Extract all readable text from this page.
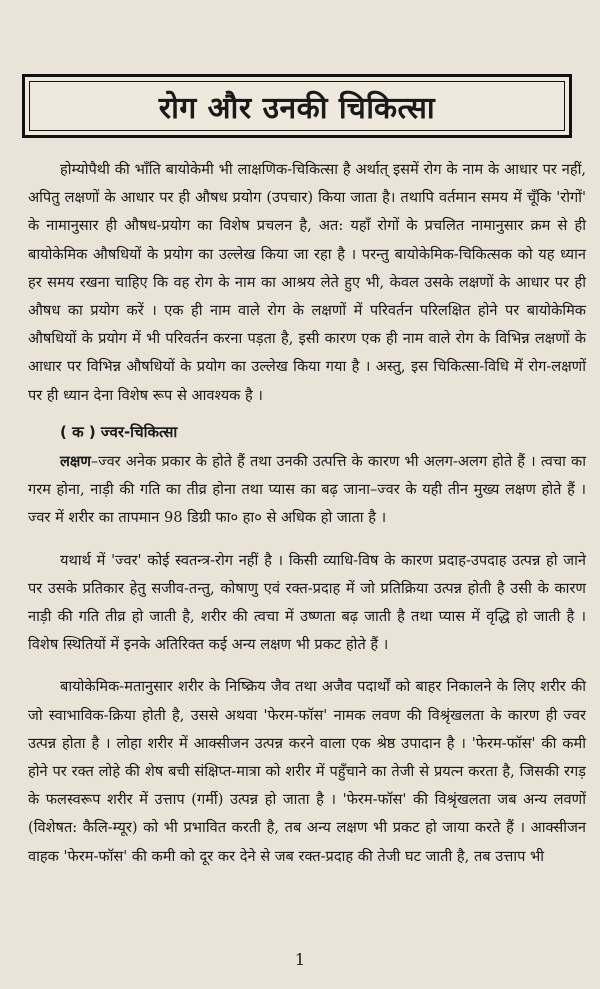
रोग और उनकी चिकित्सा

होम्योपैथी की भाँति बायोकेमी भी लाक्षणिक-चिकित्सा है अर्थात् इसमें रोग के नाम के आधार पर नहीं, अपितु लक्षणों के आधार पर ही औषध प्रयोग (उपचार) किया जाता है। तथापि वर्तमान समय में चूँकि 'रोगों' के नामानुसार ही औषध-प्रयोग का विशेष प्रचलन है, अत: यहाँ रोगों के प्रचलित नामानुसार क्रम से ही बायोकेमिक औषधियों के प्रयोग का उल्लेख किया जा रहा है । परन्तु बायोकेमिक-चिकित्सक को यह ध्यान हर समय रखना चाहिए कि वह रोग के नाम का आश्रय लेते हुए भी, केवल उसके लक्षणों के आधार पर ही औषध का प्रयोग करें । एक ही नाम वाले रोग के लक्षणों में परिवर्तन परिलक्षित होने पर बायोकेमिक औषधियों के प्रयोग में भी परिवर्तन करना पड़ता है, इसी कारण एक ही नाम वाले रोग के विभिन्न लक्षणों के आधार पर विभिन्न औषधियों के प्रयोग का उल्लेख किया गया है । अस्तु, इस चिकित्सा-विधि में रोग-लक्षणों पर ही ध्यान देना विशेष रूप से आवश्यक है ।

( क ) ज्वर-चिकित्सा

लक्षण–ज्वर अनेक प्रकार के होते हैं तथा उनकी उत्पत्ति के कारण भी अलग-अलग होते हैं । त्वचा का गरम होना, नाड़ी की गति का तीव्र होना तथा प्यास का बढ़ जाना–ज्वर के यही तीन मुख्य लक्षण होते हैं । ज्वर में शरीर का तापमान 98 डिग्री फा० हा० से अधिक हो जाता है ।

यथार्थ में 'ज्वर' कोई स्वतन्त्र-रोग नहीं है । किसी व्याधि-विष के कारण प्रदाह-उपदाह उत्पन्न हो जाने पर उसके प्रतिकार हेतु सजीव-तन्तु, कोषाणु एवं रक्त-प्रदाह में जो प्रतिक्रिया उत्पन्न होती है उसी के कारण नाड़ी की गति तीव्र हो जाती है, शरीर की त्वचा में उष्णता बढ़ जाती है तथा प्यास में वृद्धि हो जाती है । विशेष स्थितियों में इनके अतिरिक्त कई अन्य लक्षण भी प्रकट होते हैं ।

बायोकेमिक-मतानुसार शरीर के निष्क्रिय जैव तथा अजैव पदार्थों को बाहर निकालने के लिए शरीर की जो स्वाभाविक-क्रिया होती है, उससे अथवा 'फेरम-फॉस' नामक लवण की विश्रृंखलता के कारण ही ज्वर उत्पन्न होता है । लोहा शरीर में आक्सीजन उत्पन्न करने वाला एक श्रेष्ठ उपादान है । 'फेरम-फॉस' की कमी होने पर रक्त लोहे की शेष बची संक्षिप्त-मात्रा को शरीर में पहुँचाने का तेजी से प्रयत्न करता है, जिसकी रगड़ के फलस्वरूप शरीर में उत्ताप (गर्मी) उत्पन्न हो जाता है । 'फेरम-फॉस' की विश्रृंखलता जब अन्य लवणों (विशेषत: कैलि-म्यूर) को भी प्रभावित करती है, तब अन्य लक्षण भी प्रकट हो जाया करते हैं । आक्सीजन वाहक 'फेरम-फॉस' की कमी को दूर कर देने से जब रक्त-प्रदाह की तेजी घट जाती है, तब उत्ताप भी

1
